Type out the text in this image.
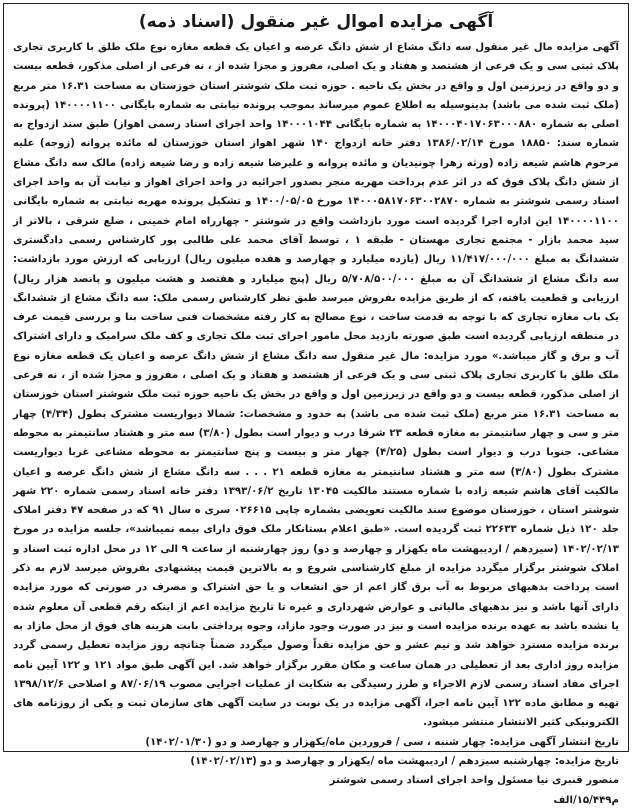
آگهی مزایده اموال غیر منقول (اسناد ذمه)

آگهی مزایده مال غیر منقول سه دانگ مشاع از شش دانگ عرصه و اعیان یک قطعه مغازه نوع ملک طلق با کاربری تجاری پلاک ثبتی سی و یک فرعی از هشتصد و هفتاد و یک اصلی، مفروز و مجزا شده از ، نه فرعی از اصلی مذکور، قطعه بیست و دو واقع در زیرزمین اول و واقع در بخش یک ناحیه . حوزه ثبت ملک شوشتر استان خوزستان به مساحت ۱۶.۳۱ متر مربع (ملک ثبت شده می باشد) بدینوسیله به اطلاع عموم میرساند بموجب پرونده نیابتی به شماره بایگانی ۱۴۰۰۰۰۱۱۰۰ (پرونده اصلی به شماره ۱۴۰۰۰۴۰۱۷۰۶۳۰۰۰۸۸۰ به شماره بایگانی ۱۴۰۰۰۱۰۴۴ واحد اجرای اسناد رسمی اهواز) طبق سند ازدواج به شماره سند: ۱۸۸۵۰ مورخ ۱۳۸۶/۰۲/۱۴ دفتر خانه ازدواج ۱۴۰ شهر اهواز استان خوزستان له مائده پروانه (زوجه) علیه مرحوم هاشم شیعه زاده (ورثه زهرا چونیدیان و مائده پروانه و علیرضا شیعه زاده و رضا شیعه زاده) مالک سه دانگ مشاع از شش دانگ پلاک فوق که در اثر عدم پرداخت مهریه منجر بصدور اجرائیه در واحد اجرای اهواز و نیابت آن به واحد اجرای اسناد رسمی شوشتر به شماره ۱۴۰۰۰۵۸۱۷۰۶۳۰۰۲۸۷۰ مورخ ۱۴۰۰/۰۵/۰۵ و تشکیل پرونده مهریه نیابتی به شماره بایگانی ۱۴۰۰۰۰۱۱۰۰ این اداره اجرا گردیده است مورد بازداشت واقع در شوشتر - چهارراه امام خمینی ، ضلع شرقی ، بالاتر از سید محمد بازار - مجتمع تجاری مهستان - طبقه ۱ ، توسط آقای محمد علی طالبی پور کارشناس رسمی دادگستری ششدانگ به مبلغ ۱۱/۴۱۷/۰۰۰/۰۰۰ ریال (یازده میلیارد و چهارصد و هفده میلیون ریال) ارزیابی که ارزش مورد بازداشت: سه دانگ مشاع از ششدانگ آن به مبلغ ۵/۷۰۸/۵۰۰/۰۰۰ ریال (پنج میلیارد و هفتصد و هشت میلیون و پانصد هزار ریال) ارزیابی و قطعیت یافته، که از طریق مزایده بفروش میرسد طبق نظر کارشناس رسمی ملک: سه دانگ مشاع از ششدانگ یک باب مغازه تجاری که با توجه به قدمت ساخت ، نوع مصالح به کار رفته مشخصات فنی ساخت بنا و بررسی قیمت عرف در منطقه ارزیابی گردیده است طبق صورته بازدید محل مامور اجرای ثبت ملک تجاری و کف ملک سرامیک و دارای اشتراک آب و برق و گاز میباشد.» مورد مزایده: مال غیر منقول سه دانگ مشاع از شش دانگ عرصه و اعیان یک قطعه مغازه نوع ملک طلق با کاربری تجاری پلاک ثبتی سی و یک فرعی از هشتصد و هفتاد و یک اصلی ، مفروز و مجزا شده از ، نه فرعی از اصلی مذکور، قطعه بیست و دو واقع در زیرزمین اول و واقع در بخش یک ناحیه حوزه ثبت ملک شوشتر استان خوزستان به مساحت ۱۶.۳۱ متر مربع (ملک ثبت شده می باشد) به حدود و مشخصات: شمالا دیواریست مشترک بطول (۴/۳۴) چهار متر و سی و چهار سانتیمتر به مغازه قطعه ۲۳ شرقا درب و دیوار است بطول (۳/۸۰) سه متر و هشتاد سانتیمتر به محوطه مشاعی. جنوبا درب و دیوار است بطول (۴/۲۵) چهار متر و بیست و پنج سانتیمتر به محوطه مشاعی غربا دیواریست مشترک بطول (۳/۸۰) سه متر و هشتاد سانتیمتر به مغازه قطعه ۲۱ . . . سه دانگ مشاع از شش دانگ عرصه و اعیان مالکیت آقای هاشم شیعه زاده با شماره مستند مالکیت ۱۳۰۴۵ تاریخ ۱۳۹۳/۰۶/۲ دفتر خانه اسناد رسمی شماره ۲۲۰ شهر شوشتر استان ، خوزستان موضوع سند مالکیت تعویضی بشماره چاپی ۰۲۶۶۱۵ سری ه سال ۹۱ که در صفحه ۴۷ دفتر املاک جلد ۱۲۰ ذیل شماره ۲۲۶۳۳ ثبت گردیده است. «طبق اعلام بستانکار ملک فوق دارای بیمه نمیباشد»، جلسه مزایده در مورخ ۱۴۰۲/۰۲/۱۳ (سیزدهم / اردیبهشت ماه یکهزار و چهارصد و دو) روز چهارشنبه از ساعت ۹ الی ۱۲ در محل اداره ثبت اسناد و املاک شوشتر برگزار میگردد مزایده از مبلغ کارشناسی شروع و به بالاترین قیمت پیشنهادی بفروش میرسد لازم به ذکر است پرداخت بدهیهای مربوط به آب برق گاز اعم از حق انشعاب و یا حق اشتراک و مصرف در صورتی که مورد مزایده دارای آنها باشد و نیز بدهیهای مالیاتی و عوارض شهرداری و غیره تا تاریخ مزایده اعم از اینکه رقم قطعی آن معلوم شده یا نشده باشد به عهده برنده مزایده است و نیز در صورت وجود مازاد، وجوه پرداختی بابت هزینه های فوق از محل مازاد به برنده مزایده مسترد خواهد شد و نیم عشر و حق مزایده نقداً وصول میگردد ضمناً چنانچه روز مزایده تعطیل رسمی گردد مزایده روز اداری بعد از تعطیلی در همان ساعت و مکان مقرر برگزار خواهد شد. این آگهی طبق مواد ۱۲۱ و ۱۲۲ آیین نامه اجرای مفاد اسناد رسمی لازم الاجراء و طرز رسیدگی به شکایت از عملیات اجرایی مصوب ۸۷/۰۶/۱۹ و اصلاحی ۱۳۹۸/۱۲/۶ تهیه و مطابق ماده ۱۲۲ آیین نامه اجرا، آگهی مزایده در یک نوبت در سایت آگهی های سازمان ثبت و یکی از روزنامه های الکترونیکی کثیر الانتشار منتشر میشود.

تاریخ انتشار آگهی مزایده: چهار شنبه ، سی / فروردین ماه/یکهزار و چهارصد و دو (۱۴۰۲/۰۱/۳۰)

تاریخ مزایده: چهارشنبه سیزدهم / اردیبهشت ماه /یکهزار و چهارصد و دو (۱۴۰۲/۰۲/۱۳)

منصور قنبری نیا مسئول واحد اجرای اسناد رسمی شوشتر

م۱۵/۴۴۹/الف
